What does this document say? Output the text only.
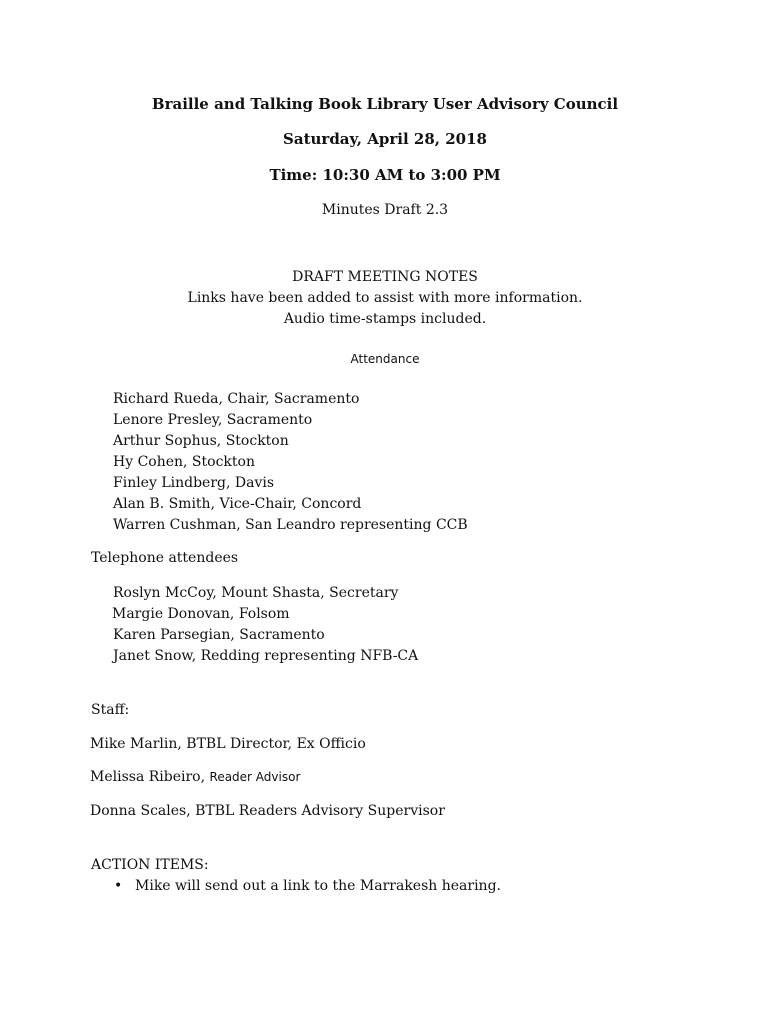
Braille and Talking Book Library User Advisory Council
Saturday, April 28, 2018
Time: 10:30 AM to 3:00 PM
Minutes Draft 2.3
DRAFT MEETING NOTES
Links have been added to assist with more information.
Audio time-stamps included.
Attendance
Richard Rueda, Chair, Sacramento
Lenore Presley, Sacramento
Arthur Sophus, Stockton
Hy Cohen, Stockton
Finley Lindberg, Davis
Alan B. Smith, Vice-Chair, Concord
Warren Cushman, San Leandro representing CCB
Telephone attendees
Roslyn McCoy, Mount Shasta, Secretary
Margie Donovan, Folsom
Karen Parsegian, Sacramento
Janet Snow, Redding representing NFB-CA
Staff:
Mike Marlin, BTBL Director, Ex Officio
Melissa Ribeiro, Reader Advisor
Donna Scales, BTBL Readers Advisory Supervisor
ACTION ITEMS:
• Mike will send out a link to the Marrakesh hearing.
